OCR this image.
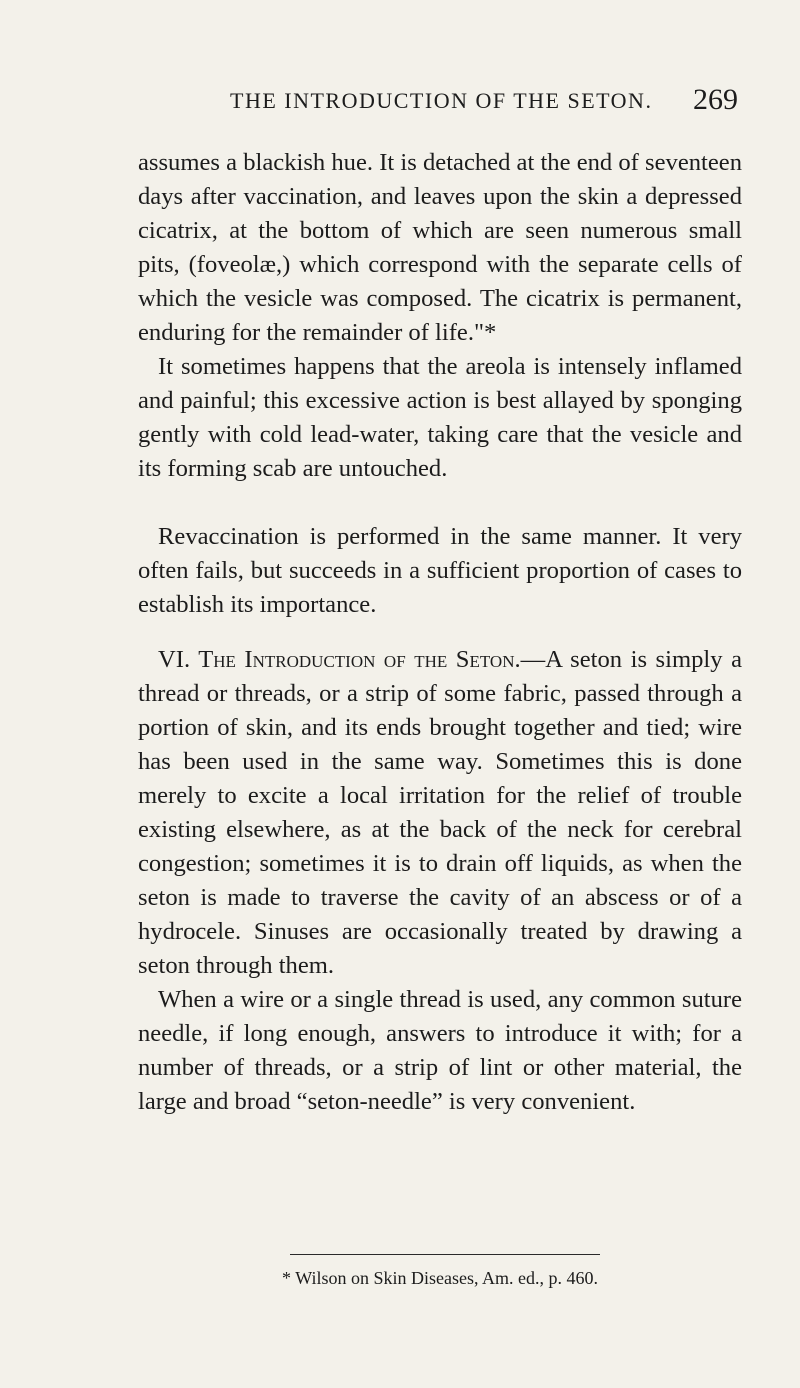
THE INTRODUCTION OF THE SETON. 269

assumes a blackish hue. It is detached at the end of seventeen days after vaccination, and leaves upon the skin a depressed cicatrix, at the bottom of which are seen numerous small pits, (foveolæ,) which correspond with the separate cells of which the vesicle was composed. The cicatrix is permanent, enduring for the remainder of life."*

It sometimes happens that the areola is intensely inflamed and painful; this excessive action is best allayed by sponging gently with cold lead-water, taking care that the vesicle and its forming scab are untouched.

Revaccination is performed in the same manner. It very often fails, but succeeds in a sufficient proportion of cases to establish its importance.

VI. The Introduction of the Seton.—A seton is simply a thread or threads, or a strip of some fabric, passed through a portion of skin, and its ends brought together and tied; wire has been used in the same way. Sometimes this is done merely to excite a local irritation for the relief of trouble existing elsewhere, as at the back of the neck for cerebral congestion; sometimes it is to drain off liquids, as when the seton is made to traverse the cavity of an abscess or of a hydrocele. Sinuses are occasionally treated by drawing a seton through them.

When a wire or a single thread is used, any common suture needle, if long enough, answers to introduce it with; for a number of threads, or a strip of lint or other material, the large and broad “seton-needle” is very convenient.

* Wilson on Skin Diseases, Am. ed., p. 460.
